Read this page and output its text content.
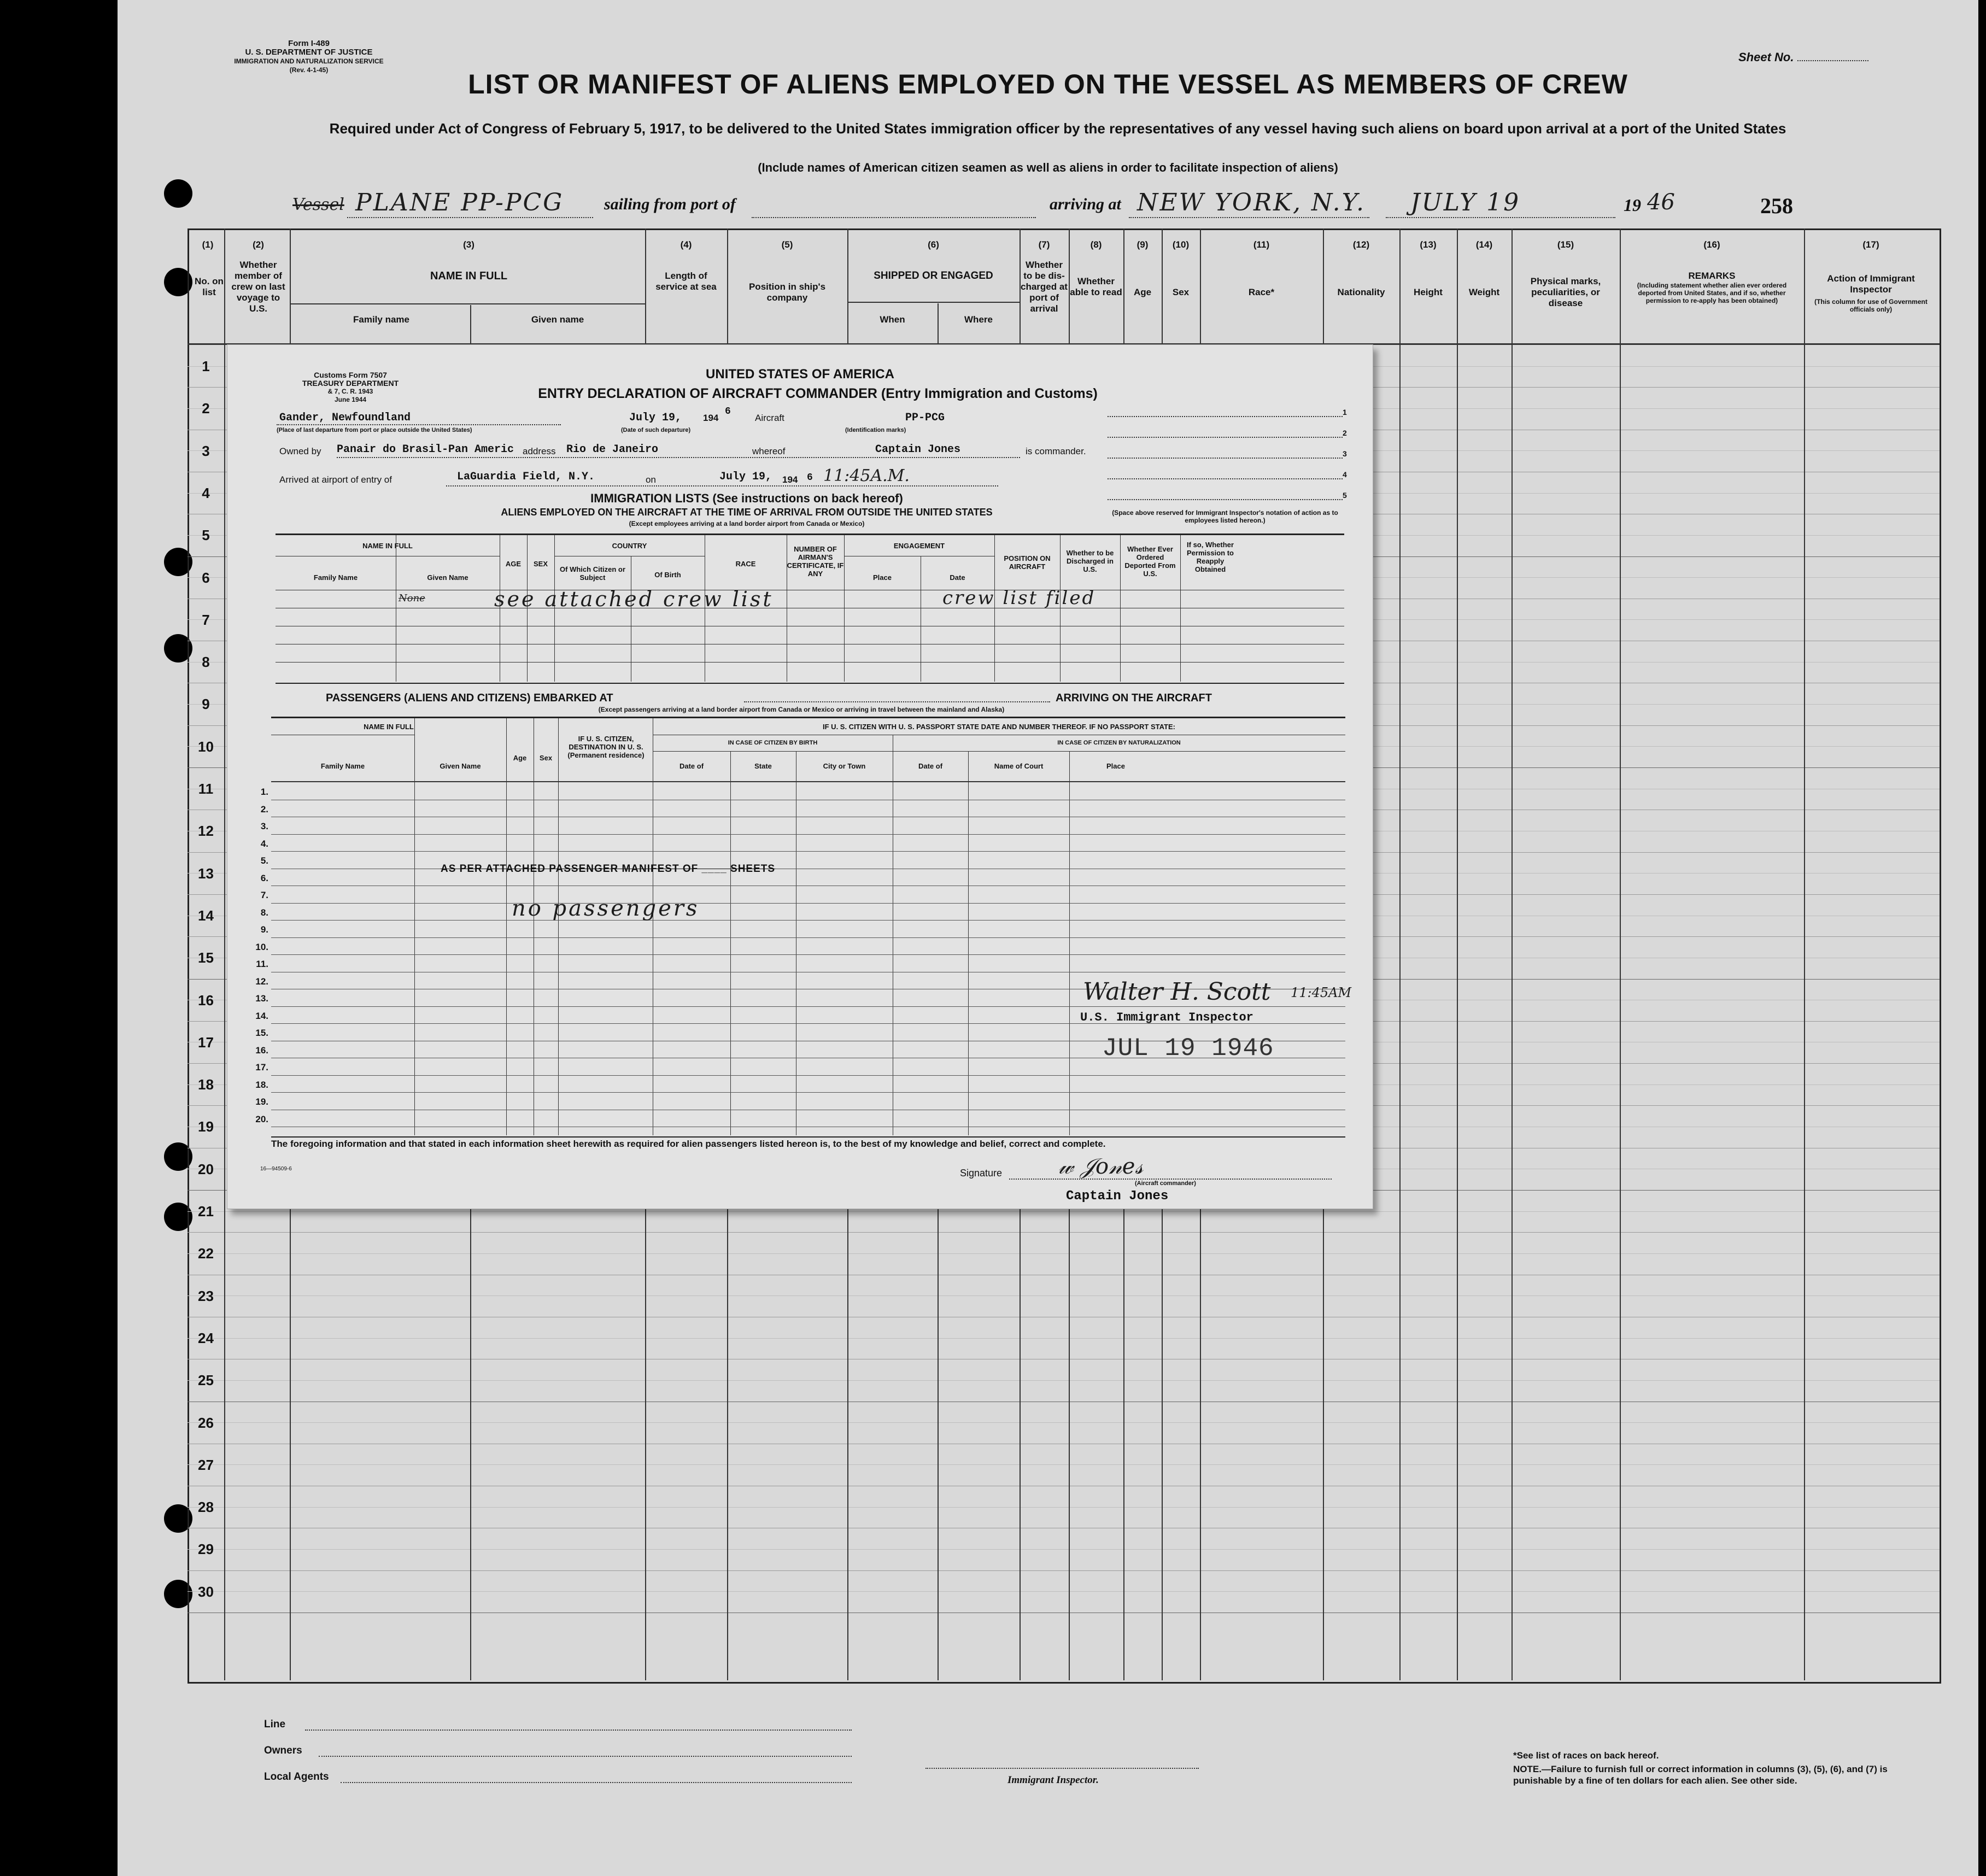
Form I-489
U. S. DEPARTMENT OF JUSTICE
IMMIGRATION AND NATURALIZATION SERVICE
(Rev. 4-1-45)
Sheet No.
LIST OR MANIFEST OF ALIENS EMPLOYED ON THE VESSEL AS MEMBERS OF CREW
Required under Act of Congress of February 5, 1917, to be delivered to the United States immigration officer by the representatives of any vessel having such aliens on board upon arrival at a port of the United States
(Include names of American citizen seamen as well as aliens in order to facilitate inspection of aliens)
Vessel PLANE PP-PCG sailing from port of	arriving at NEW YORK, N.Y. JULY 19	19 46	258
(1)	(2)	(3)	(4)	(5)	(6)	(7)	(8)	(9)	(10)	(11)	(12)	(13)	(14)	(15)	(16)	(17)
No. on list
Whether member of crew on last voyage to U.S.
NAME IN FULL
Family name	Given name
Length of service at sea	Position in ship's company
SHIPPED OR ENGAGED
When	Where
Whether to be dis-charged at port of arrival
Whether able to read	Age	Sex	Race*	Nationality	Height	Weight
Physical marks, peculiarities, or disease
REMARKS
(Including statement whether alien ever ordered deported from United States, and if so, whether permission to re-apply has been obtained)
Action of Immigrant Inspector
(This column for use of Government officials only)
1
2
3
4
5
6
7
8
9
10
11
12
13
14
15
16
17
18
19
20
21
22
23
24
25
26
27
28
29
30
Line
Owners
Local Agents	Immigrant Inspector.
*See list of races on back hereof.
NOTE.—Failure to furnish full or correct information in columns (3), (5), (6), and (7) is punishable by a fine of ten dollars for each alien. See other side.
Customs Form 7507
TREASURY DEPARTMENT
& 7, C. R. 1943
June 1944
UNITED STATES OF AMERICA
ENTRY DECLARATION OF AIRCRAFT COMMANDER (Entry Immigration and Customs)
(Space above reserved for Immigrant Inspector's notation of action as to employees listed hereon.)
1
2
3
4
5
Gander, Newfoundland
(Place of last departure from port or place outside the United States)
July 19, 194
6
(Date of such departure)
Aircraft	PP-PCG
(Identification marks)
Owned by Panair do Brasil-Pan Americ address Rio de Janeiro	whereof	Captain Jones	is commander.
Arrived at airport of entry of	LaGuardia Field, N.Y.	on	July 19, 194 6 11:45A.M.
IMMIGRATION LISTS (See instructions on back hereof)
ALIENS EMPLOYED ON THE AIRCRAFT AT THE TIME OF ARRIVAL FROM OUTSIDE THE UNITED STATES
(Except employees arriving at a land border airport from Canada or Mexico)
NAME IN FULL
Family Name	Given Name
AGE	SEX
COUNTRY
Of Which Citizen or Subject	Of Birth
RACE
NUMBER OF AIRMAN'S CERTIFICATE, IF ANY
ENGAGEMENT
Place	Date
POSITION ON AIRCRAFT
Whether to be Discharged in U.S.
Whether Ever Ordered Deported From U.S.
If so, Whether Permission to Reapply Obtained
None	see attached crew list	crew list filed
PASSENGERS (ALIENS AND CITIZENS) EMBARKED AT	ARRIVING ON THE AIRCRAFT
(Except passengers arriving at a land border airport from Canada or Mexico or arriving in travel between the mainland and Alaska)
NAME IN FULL
Family Name	Given Name
Age	Sex
IF U. S. CITIZEN, DESTINATION IN U. S. (Permanent residence)
IF U. S. CITIZEN WITH U. S. PASSPORT STATE DATE AND NUMBER THEREOF. IF NO PASSPORT STATE:
IN CASE OF CITIZEN BY BIRTH
Date of	State	City or Town
IN CASE OF CITIZEN BY NATURALIZATION
Date of	Name of Court	Place
1.
2.
3.
4.
5.
6.
7.
8.
9.
10.
11.
12.
13.
14.
15.
16.
17.
18.
19.
20.
AS PER ATTACHED PASSENGER MANIFEST OF ____ SHEETS
no passengers
Walter H. Scott 11:45AM
U.S. Immigrant Inspector
JUL 19 1946
The foregoing information and that stated in each information sheet herewith as required for alien passengers listed hereon is, to the best of my knowledge and belief, correct and complete.
16—94509-6	Signature	𝓌 𝒥𝑜𝓃𝑒𝓈
(Aircraft commander)
Captain Jones
